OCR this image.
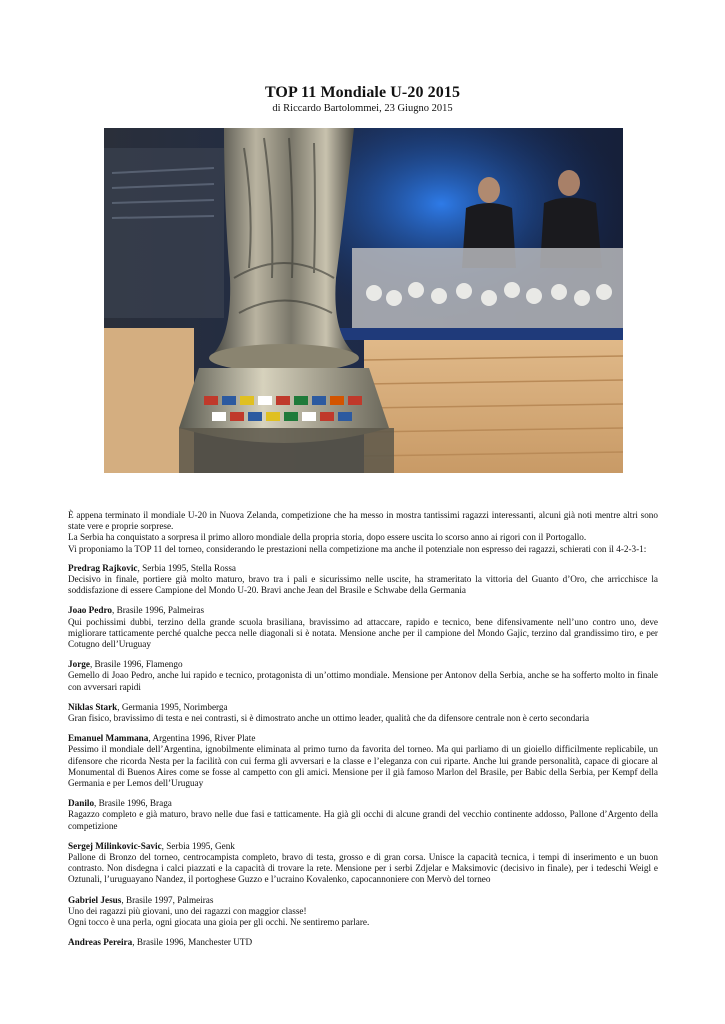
TOP 11 Mondiale U-20 2015
di Riccardo Bartolommei, 23 Giugno 2015

È appena terminato il mondiale U-20 in Nuova Zelanda, competizione che ha messo in mostra tantissimi ragazzi interessanti, alcuni già noti mentre altri sono state vere e proprie sorprese.

La Serbia ha conquistato a sorpresa il primo alloro mondiale della propria storia, dopo essere uscita lo scorso anno ai rigori con il Portogallo.

Vi proponiamo la TOP 11 del torneo, considerando le prestazioni nella competizione ma anche il potenziale non espresso dei ragazzi, schierati con il 4-2-3-1:

Predrag Rajkovic, Serbia 1995, Stella Rossa

Decisivo in finale, portiere già molto maturo, bravo tra i pali e sicurissimo nelle uscite, ha strameritato la vittoria del Guanto d’Oro, che arricchisce la soddisfazione di essere Campione del Mondo U-20. Bravi anche Jean del Brasile e Schwabe della Germania

Joao Pedro, Brasile 1996, Palmeiras

Qui pochissimi dubbi, terzino della grande scuola brasiliana, bravissimo ad attaccare, rapido e tecnico, bene difensivamente nell’uno contro uno, deve migliorare tatticamente perché qualche pecca nelle diagonali si è notata. Mensione anche per il campione del Mondo Gajic, terzino dal grandissimo tiro, e per Cotugno dell’Uruguay

Jorge, Brasile 1996, Flamengo

Gemello di Joao Pedro, anche lui rapido e tecnico, protagonista di un’ottimo mondiale. Mensione per Antonov della Serbia, anche se ha sofferto molto in finale con avversari rapidi

Niklas Stark, Germania 1995, Norimberga

Gran fisico, bravissimo di testa e nei contrasti, si è dimostrato anche un ottimo leader, qualità che da difensore centrale non è certo secondaria

Emanuel Mammana, Argentina 1996, River Plate

Pessimo il mondiale dell’Argentina, ignobilmente eliminata al primo turno da favorita del torneo. Ma qui parliamo di un gioiello difficilmente replicabile, un difensore che ricorda Nesta per la facilità con cui ferma gli avversari e la classe e l’eleganza con cui riparte. Anche lui grande personalità, capace di giocare al Monumental di Buenos Aires come se fosse al campetto con gli amici. Mensione per il già famoso Marlon del Brasile, per Babic della Serbia, per Kempf della Germania e per Lemos dell’Uruguay

Danilo, Brasile 1996, Braga

Ragazzo completo e già maturo, bravo nelle due fasi e tatticamente. Ha già gli occhi di alcune grandi del vecchio continente addosso, Pallone d’Argento della competizione

Sergej Milinkovic-Savic, Serbia 1995, Genk

Pallone di Bronzo del torneo, centrocampista completo, bravo di testa, grosso e di gran corsa. Unisce la capacità tecnica, i tempi di inserimento e un buon contrasto. Non disdegna i calci piazzati e la capacità di trovare la rete. Mensione per i serbi Zdjelar e Maksimovic (decisivo in finale), per i tedeschi Weigl e Oztunali, l’uruguayano Nandez, il portoghese Guzzo e l’ucraino Kovalenko, capocannoniere con Mervò del torneo

Gabriel Jesus, Brasile 1997, Palmeiras

Uno dei ragazzi più giovani, uno dei ragazzi con maggior classe!

Ogni tocco è una perla, ogni giocata una gioia per gli occhi. Ne sentiremo parlare.

Andreas Pereira, Brasile 1996, Manchester UTD
